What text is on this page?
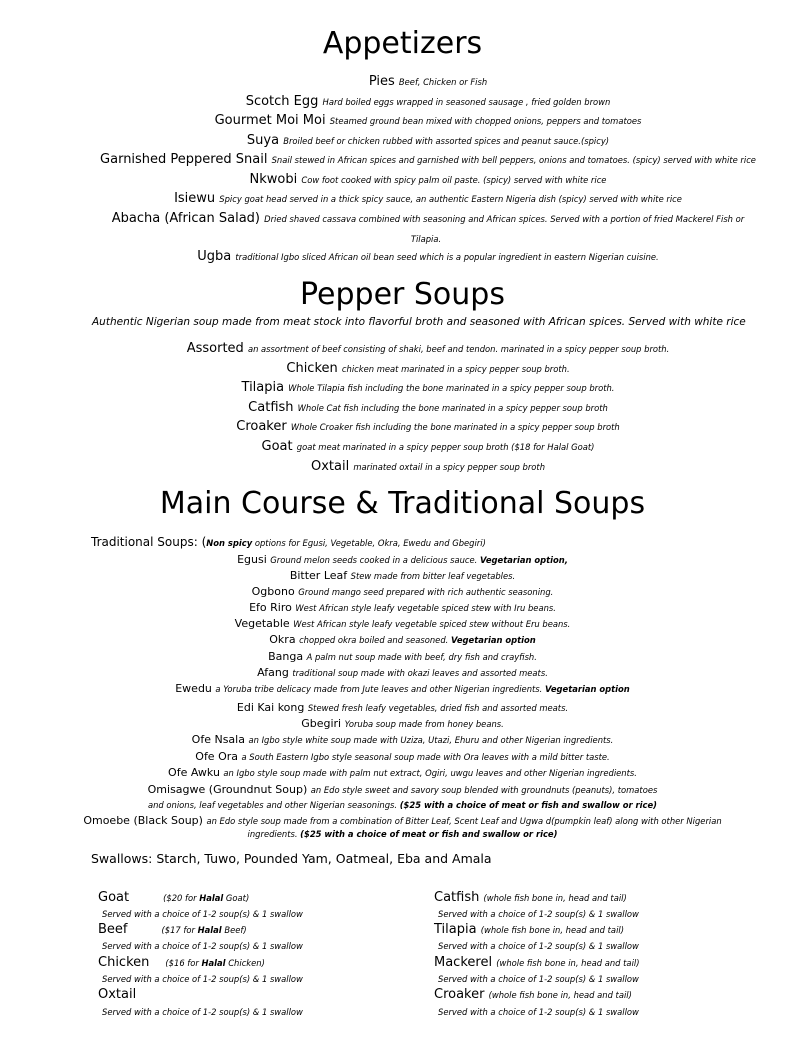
Appetizers
Pies Beef, Chicken or Fish
Scotch Egg Hard boiled eggs wrapped in seasoned sausage , fried golden brown
Gourmet Moi Moi Steamed ground bean mixed with chopped onions, peppers and tomatoes
Suya Broiled beef or chicken rubbed with assorted spices and peanut sauce.(spicy)
Garnished Peppered Snail Snail stewed in African spices and garnished with bell peppers, onions and tomatoes. (spicy) served with white rice
Nkwobi Cow foot cooked with spicy palm oil paste. (spicy) served with white rice
Isiewu Spicy goat head served in a thick spicy sauce, an authentic Eastern Nigeria dish (spicy) served with white rice
Abacha (African Salad) Dried shaved cassava combined with seasoning and African spices. Served with a portion of fried Mackerel Fish or
Tilapia.
Ugba traditional Igbo sliced African oil bean seed which is a popular ingredient in eastern Nigerian cuisine.
Pepper Soups
Authentic Nigerian soup made from meat stock into flavorful broth and seasoned with African spices. Served with white rice
Assorted an assortment of beef consisting of shaki, beef and tendon. marinated in a spicy pepper soup broth.
Chicken chicken meat marinated in a spicy pepper soup broth.
Tilapia Whole Tilapia fish including the bone marinated in a spicy pepper soup broth.
Catfish Whole Cat fish including the bone marinated in a spicy pepper soup broth
Croaker Whole Croaker fish including the bone marinated in a spicy pepper soup broth
Goat goat meat marinated in a spicy pepper soup broth ($18 for Halal Goat)
Oxtail marinated oxtail in a spicy pepper soup broth
Main Course & Traditional Soups
Traditional Soups: (Non spicy options for Egusi, Vegetable, Okra, Ewedu and Gbegiri)
Egusi Ground melon seeds cooked in a delicious sauce. Vegetarian option,
Bitter Leaf Stew made from bitter leaf vegetables.
Ogbono Ground mango seed prepared with rich authentic seasoning.
Efo Riro West African style leafy vegetable spiced stew with Iru beans.
Vegetable West African style leafy vegetable spiced stew without Eru beans.
Okra chopped okra boiled and seasoned. Vegetarian option
Banga A palm nut soup made with beef, dry fish and crayfish.
Afang traditional soup made with okazi leaves and assorted meats.
Ewedu a Yoruba tribe delicacy made from Jute leaves and other Nigerian ingredients. Vegetarian option
Edi Kai kong Stewed fresh leafy vegetables, dried fish and assorted meats.
Gbegiri Yoruba soup made from honey beans.
Ofe Nsala an Igbo style white soup made with Uziza, Utazi, Ehuru and other Nigerian ingredients.
Ofe Ora a South Eastern Igbo style seasonal soup made with Ora leaves with a mild bitter taste.
Ofe Awku an Igbo style soup made with palm nut extract, Ogiri, uwgu leaves and other Nigerian ingredients.
Omisagwe (Groundnut Soup) an Edo style sweet and savory soup blended with groundnuts (peanuts), tomatoes
and onions, leaf vegetables and other Nigerian seasonings. ($25 with a choice of meat or fish and swallow or rice)
Omoebe (Black Soup) an Edo style soup made from a combination of Bitter Leaf, Scent Leaf and Ugwa d(pumpkin leaf) along with other Nigerian
ingredients. ($25 with a choice of meat or fish and swallow or rice)
Swallows: Starch, Tuwo, Pounded Yam, Oatmeal, Eba and Amala
Goat	($20 for Halal Goat)
Served with a choice of 1-2 soup(s) & 1 swallow
Beef	($17 for Halal Beef)
Served with a choice of 1-2 soup(s) & 1 swallow
Chicken ($16 for Halal Chicken)
Served with a choice of 1-2 soup(s) & 1 swallow
Oxtail
Served with a choice of 1-2 soup(s) & 1 swallow
Catfish (whole fish bone in, head and tail)
Served with a choice of 1-2 soup(s) & 1 swallow
Tilapia (whole fish bone in, head and tail)
Served with a choice of 1-2 soup(s) & 1 swallow
Mackerel (whole fish bone in, head and tail)
Served with a choice of 1-2 soup(s) & 1 swallow
Croaker (whole fish bone in, head and tail)
Served with a choice of 1-2 soup(s) & 1 swallow
